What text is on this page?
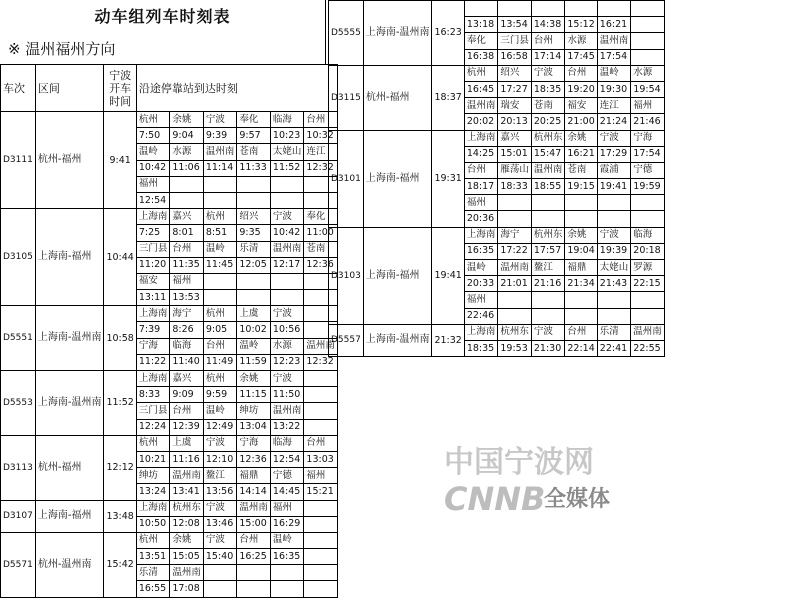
动车组列车时刻表
※ 温州福州方向
车次	区间	宁波开车时间	沿途停靠站到达时刻					
D3111	杭州-福州	9:41	杭州	余姚	宁波	奉化	临海	台州
			7:50	9:04	9:39	9:57	10:23	10:32
			温岭	水源	温州南	苍南	太姥山	连江
			10:42	11:06	11:14	11:33	11:52	12:32
			福州					
			12:54					
D3105	上海南-福州	10:44	上海南	嘉兴	杭州	绍兴	宁波	奉化
			7:25	8:01	8:51	9:35	10:42	11:00
			三门县	台州	温岭	乐清	温州南	苍南
			11:20	11:35	11:45	12:05	12:17	12:36
			福安	福州				
			13:11	13:53				
D5551	上海南-温州南	10:58	上海南	海宁	杭州	上虞	宁波	
			7:39	8:26	9:05	10:02	10:56	
			宁海	临海	台州	温岭	水源	温州南
			11:22	11:40	11:49	11:59	12:23	12:32
D5553	上海南-温州南	11:52	上海南	嘉兴	杭州	余姚	宁波	
			8:33	9:09	9:59	11:15	11:50	
			三门县	台州	温岭	绅坊	温州南	
			12:24	12:39	12:49	13:04	13:22	
D3113	杭州-福州	12:12	杭州	上虞	宁波	宁海	临海	台州
			10:21	11:16	12:10	12:36	12:54	13:03
			绅坊	温州南	鳌江	福鼎	宁德	福州
			13:24	13:41	13:56	14:14	14:45	15:21
D3107	上海南-福州	13:48	上海南	杭州东	宁波	温州南	福州	
			10:50	12:08	13:46	15:00	16:29	
D5571	杭州-温州南	15:42	杭州	余姚	宁波	台州	温岭	
			13:51	15:05	15:40	16:25	16:35	
			乐清	温州南				
			16:55	17:08				
D5555	上海南-温州南	16:23						
			13:18	13:54	14:38	15:12	16:21	
			奉化	三门县	台州	水源	温州南	
			16:38	16:58	17:14	17:45	17:54	
D3115	杭州-福州	18:37	杭州	绍兴	宁波	台州	温岭	水源
			16:45	17:27	18:35	19:20	19:30	19:54
			温州南	瑞安	苍南	福安	连江	福州
			20:02	20:13	20:25	21:00	21:24	21:46
D3101	上海南-福州	19:31	上海南	嘉兴	杭州东	余姚	宁波	宁海
			14:25	15:01	15:47	16:21	17:29	17:54
			台州	雁荡山	温州南	苍南	霞浦	宁德
			18:17	18:33	18:55	19:15	19:41	19:59
			福州					
			20:36					
D3103	上海南-福州	19:41	上海南	海宁	杭州东	余姚	宁波	临海
			16:35	17:22	17:57	19:04	19:39	20:18
			温岭	温州南	鳌江	福鼎	太姥山	罗源
			20:33	21:01	21:16	21:34	21:43	22:15
			福州					
			22:46					
D5557	上海南-温州南	21:32	上海南	杭州东	宁波	台州	乐清	温州南
			18:35	19:53	21:30	22:14	22:41	22:55
中国宁波网
CNNB
全媒体
